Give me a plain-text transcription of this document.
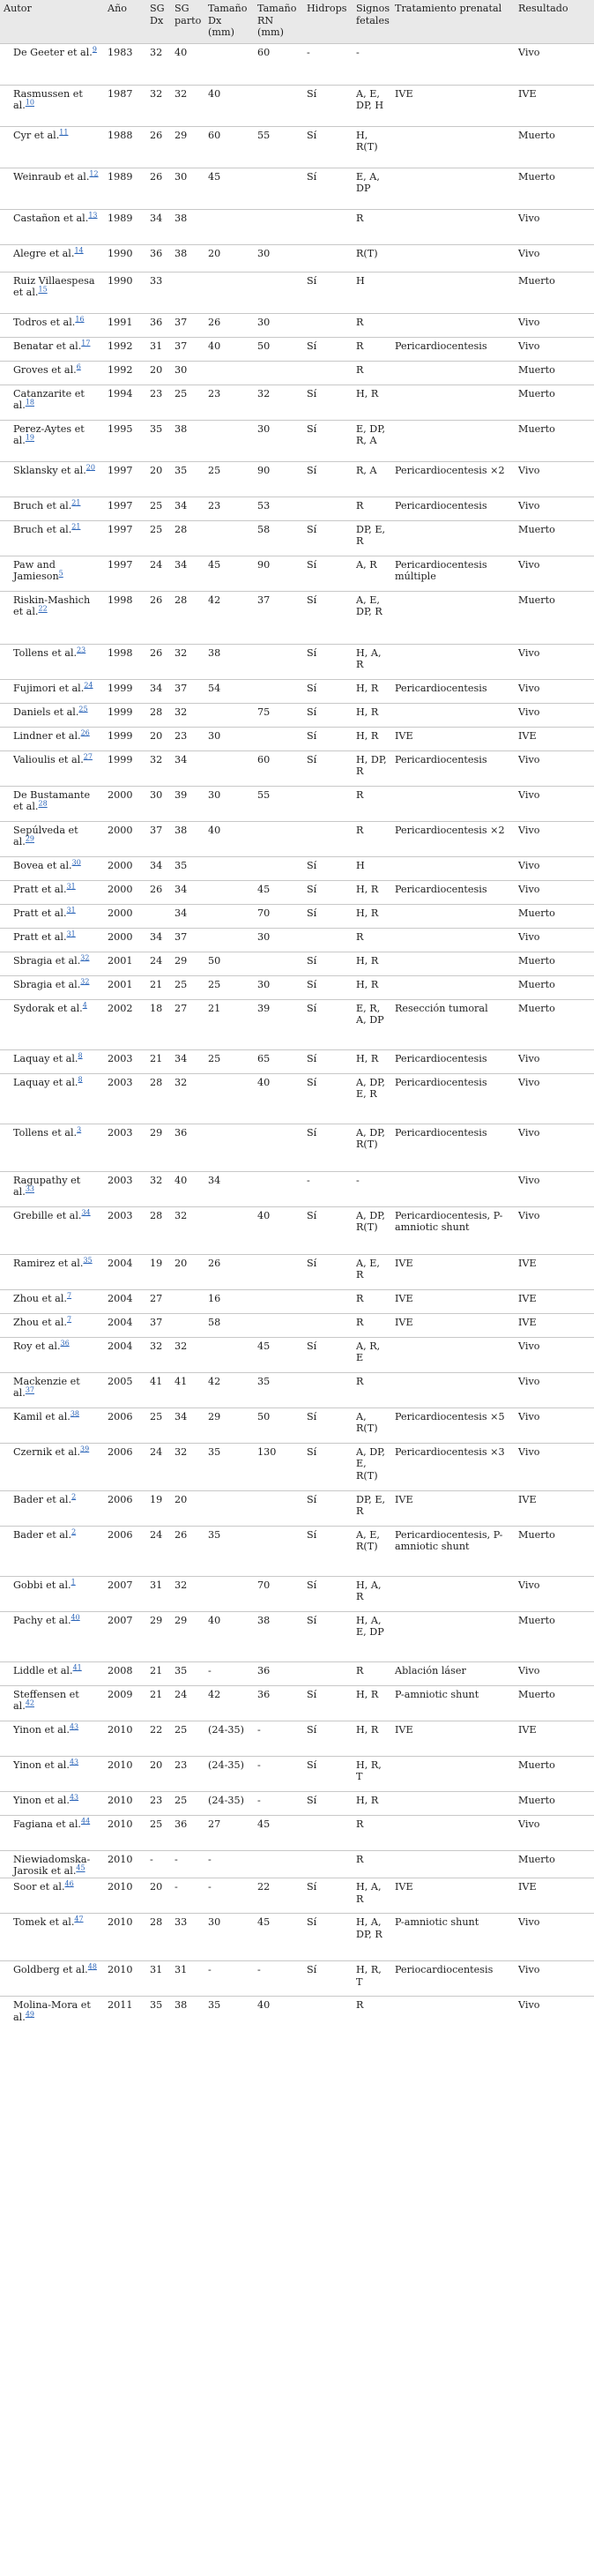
Autor	Año	SG Dx	SG parto	Tamaño Dx (mm)	Tamaño RN (mm)	Hidrops	Signos fetales	Tratamiento prenatal	Resultado
De Geeter et al.$^9$	1983	32	40		60	-	-		Vivo
Rasmussen et al.$^{10}$	1987	32	32	40		Sí	A, E, DP, H	IVE	IVE
Cyr et al.$^{11}$	1988	26	29	60	55	Sí	H, R(T)		Muerto
Weinraub et al.$^{12}$	1989	26	30	45		Sí	E, A, DP		Muerto
Castañon et al.$^{13}$	1989	34	38				R		Vivo
Alegre et al.$^{14}$	1990	36	38	20	30		R(T)		Vivo
Ruiz Villaespesa et al.$^{15}$	1990	33				Sí	H		Muerto
Todros et al.$^{16}$	1991	36	37	26	30		R		Vivo
Benatar et al.$^{17}$	1992	31	37	40	50	Sí	R	Pericardiocentesis	Vivo
Groves et al.$^6$	1992	20	30				R		Muerto
Catanzarite et al.$^{18}$	1994	23	25	23	32	Sí	H, R		Muerto
Perez-Aytes et al.$^{19}$	1995	35	38		30	Sí	E, DP, R, A		Muerto
Sklansky et al.$^{20}$	1997	20	35	25	90	Sí	R, A	Pericardiocentesis ×2	Vivo
Bruch et al.$^{21}$	1997	25	34	23	53		R	Pericardiocentesis	Vivo
Bruch et al.$^{21}$	1997	25	28		58	Sí	DP, E, R		Muerto
Paw and Jamieson$^5$	1997	24	34	45	90	Sí	A, R	Pericardiocentesis múltiple	Vivo
Riskin-Mashich et al.$^{22}$	1998	26	28	42	37	Sí	A, E, DP, R		Muerto
Tollens et al.$^{23}$	1998	26	32	38		Sí	H, A, R		Vivo
Fujimori et al.$^{24}$	1999	34	37	54		Sí	H, R	Pericardiocentesis	Vivo
Daniels et al.$^{25}$	1999	28	32		75	Sí	H, R		Vivo
Lindner et al.$^{26}$	1999	20	23	30		Sí	H, R	IVE	IVE
Valioulis et al.$^{27}$	1999	32	34		60	Sí	H, DP, R	Pericardiocentesis	Vivo
De Bustamante et al.$^{28}$	2000	30	39	30	55		R		Vivo
Sepúlveda et al.$^{29}$	2000	37	38	40			R	Pericardiocentesis ×2	Vivo
Bovea et al.$^{30}$	2000	34	35			Sí	H		Vivo
Pratt et al.$^{31}$	2000	26	34		45	Sí	H, R	Pericardiocentesis	Vivo
Pratt et al.$^{31}$	2000		34		70	Sí	H, R		Muerto
Pratt et al.$^{31}$	2000	34	37		30		R		Vivo
Sbragia et al.$^{32}$	2001	24	29	50		Sí	H, R		Muerto
Sbragia et al.$^{32}$	2001	21	25	25	30	Sí	H, R		Muerto
Sydorak et al.$^4$	2002	18	27	21	39	Sí	E, R, A, DP	Resección tumoral	Muerto
Laquay et al.$^8$	2003	21	34	25	65	Sí	H, R	Pericardiocentesis	Vivo
Laquay et al.$^8$	2003	28	32		40	Sí	A, DP, E, R	Pericardiocentesis	Vivo
Tollens et al.$^3$	2003	29	36			Sí	A, DP, R(T)	Pericardiocentesis	Vivo
Ragupathy et al.$^{33}$	2003	32	40	34		-	-		Vivo
Grebille et al.$^{34}$	2003	28	32		40	Sí	A, DP, R(T)	Pericardiocentesis, P-amniotic shunt	Vivo
Ramirez et al.$^{35}$	2004	19	20	26		Sí	A, E, R	IVE	IVE
Zhou et al.$^7$	2004	27		16			R	IVE	IVE
Zhou et al.$^7$	2004	37		58			R	IVE	IVE
Roy et al.$^{36}$	2004	32	32		45	Sí	A, R, E		Vivo
Mackenzie et al.$^{37}$	2005	41	41	42	35		R		Vivo
Kamil et al.$^{38}$	2006	25	34	29	50	Sí	A, R(T)	Pericardiocentesis ×5	Vivo
Czernik et al.$^{39}$	2006	24	32	35	130	Sí	A, DP, E, R(T)	Pericardiocentesis ×3	Vivo
Bader et al.$^2$	2006	19	20			Sí	DP, E, R	IVE	IVE
Bader et al.$^2$	2006	24	26	35		Sí	A, E, R(T)	Pericardiocentesis, P-amniotic shunt	Muerto
Gobbi et al.$^1$	2007	31	32		70	Sí	H, A, R		Vivo
Pachy et al.$^{40}$	2007	29	29	40	38	Sí	H, A, E, DP		Muerto
Liddle et al.$^{41}$	2008	21	35	-	36		R	Ablación láser	Vivo
Steffensen et al.$^{42}$	2009	21	24	42	36	Sí	H, R	P-amniotic shunt	Muerto
Yinon et al.$^{43}$	2010	22	25	(24-35)	-	Sí	H, R	IVE	IVE
Yinon et al.$^{43}$	2010	20	23	(24-35)	-	Sí	H, R, T		Muerto
Yinon et al.$^{43}$	2010	23	25	(24-35)	-	Sí	H, R		Muerto
Fagiana et al.$^{44}$	2010	25	36	27	45		R		Vivo
Niewiadomska-Jarosik et al.$^{45}$	2010	-	-	-			R		Muerto
Soor et al.$^{46}$	2010	20	-	-	22	Sí	H, A, R	IVE	IVE
Tomek et al.$^{47}$	2010	28	33	30	45	Sí	H, A, DP, R	P-amniotic shunt	Vivo
Goldberg et al.$^{48}$	2010	31	31	-	-	Sí	H, R, T	Periocardiocentesis	Vivo
Molina-Mora et al.$^{49}$	2011	35	38	35	40		R		Vivo
